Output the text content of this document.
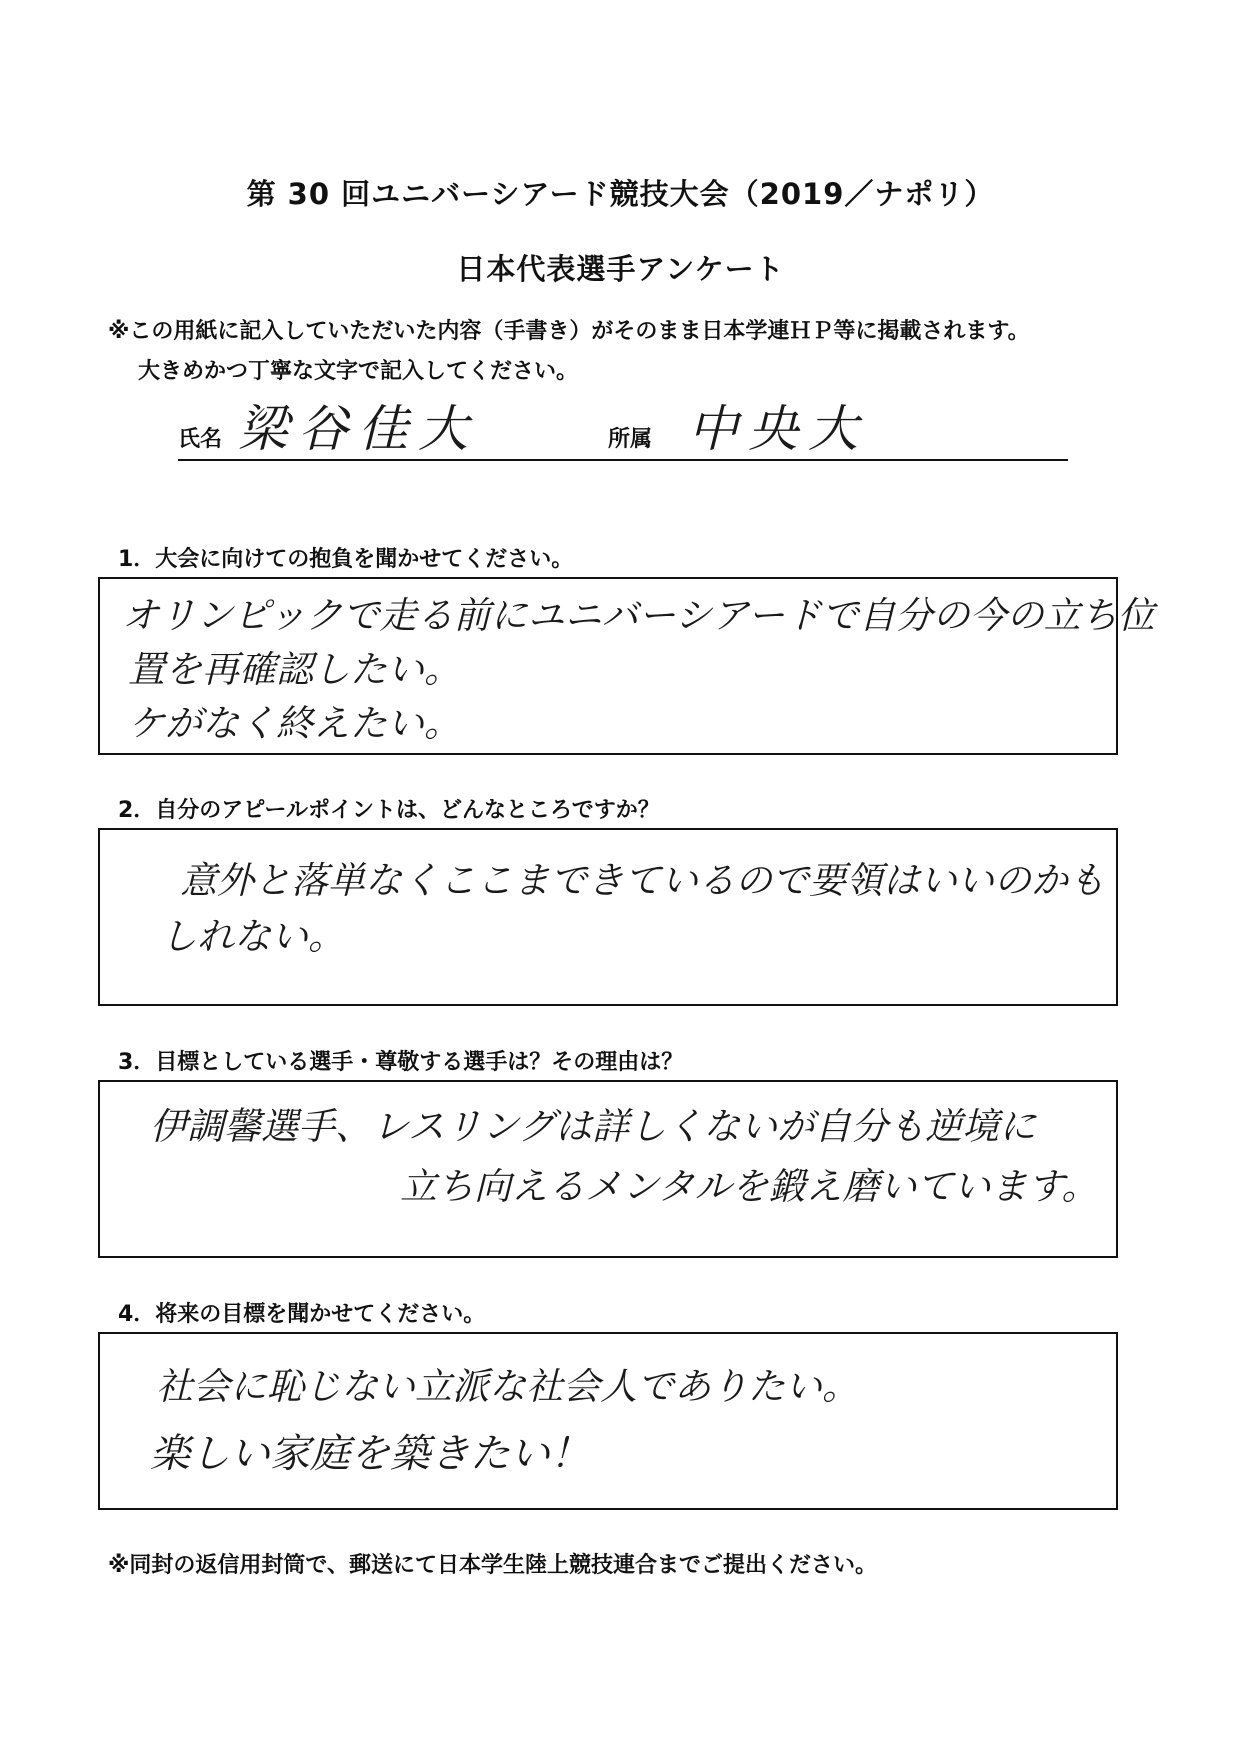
第 30 回ユニバーシアード競技大会（2019／ナポリ）
日本代表選手アンケート
※この用紙に記入していただいた内容（手書き）がそのまま日本学連ＨＰ等に掲載されます。
大きめかつ丁寧な文字で記入してください。
氏名 梁谷佳大	所属 中央大
1．大会に向けての抱負を聞かせてください。
オリンピックで走る前にユニバーシアードで自分の今の立ち位
置を再確認したい。
ケがなく終えたい。
2．自分のアピールポイントは、どんなところですか？
意外と落単なくここまできているので要領はいいのかも
しれない。
3．目標としている選手・尊敬する選手は？その理由は？
伊調馨選手、レスリングは詳しくないが自分も逆境に
立ち向えるメンタルを鍛え磨いています。
4．将来の目標を聞かせてください。
社会に恥じない立派な社会人でありたい。
楽しい家庭を築きたい！
※同封の返信用封筒で、郵送にて日本学生陸上競技連合までご提出ください。
